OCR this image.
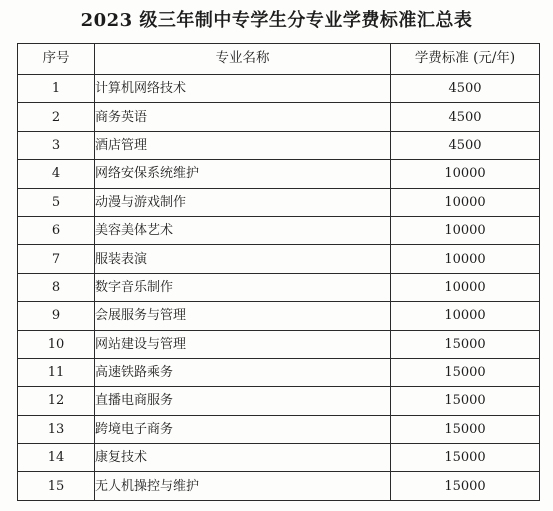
2023 级三年制中专学生分专业学费标准汇总表
序号	专业名称	学费标准 (元/年)
1	计算机网络技术	4500
2	商务英语	4500
3	酒店管理	4500
4	网络安保系统维护	10000
5	动漫与游戏制作	10000
6	美容美体艺术	10000
7	服装表演	10000
8	数字音乐制作	10000
9	会展服务与管理	10000
10	网站建设与管理	15000
11	高速铁路乘务	15000
12	直播电商服务	15000
13	跨境电子商务	15000
14	康复技术	15000
15	无人机操控与维护	15000
